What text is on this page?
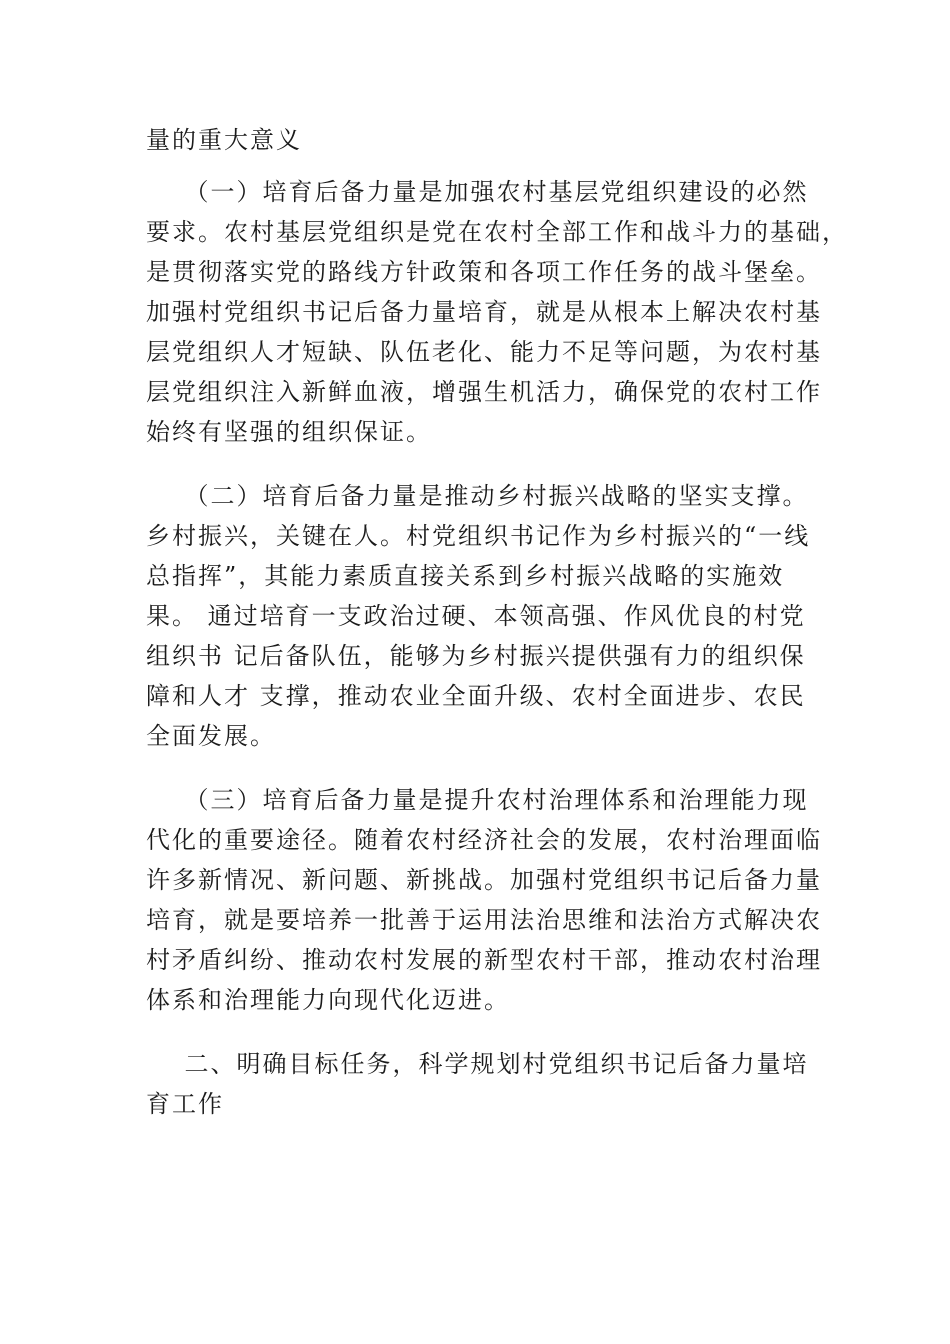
量的重大意义
（一）培育后备力量是加强农村基层党组织建设的必然
要求。农村基层党组织是党在农村全部工作和战斗力的基础，
是贯彻落实党的路线方针政策和各项工作任务的战斗堡垒。
加强村党组织书记后备力量培育，就是从根本上解决农村基
层党组织人才短缺、队伍老化、能力不足等问题，为农村基
层党组织注入新鲜血液，增强生机活力，确保党的农村工作
始终有坚强的组织保证。
（二）培育后备力量是推动乡村振兴战略的坚实支撑。
乡村振兴，关键在人。村党组织书记作为乡村振兴的“一线
总指挥”，其能力素质直接关系到乡村振兴战略的实施效
果。 通过培育一支政治过硬、本领高强、作风优良的村党
组织书 记后备队伍，能够为乡村振兴提供强有力的组织保
障和人才 支撑，推动农业全面升级、农村全面进步、农民
全面发展。
（三）培育后备力量是提升农村治理体系和治理能力现
代化的重要途径。随着农村经济社会的发展，农村治理面临
许多新情况、新问题、新挑战。加强村党组织书记后备力量
培育，就是要培养一批善于运用法治思维和法治方式解决农
村矛盾纠纷、推动农村发展的新型农村干部，推动农村治理
体系和治理能力向现代化迈进。
二、明确目标任务，科学规划村党组织书记后备力量培
育工作
